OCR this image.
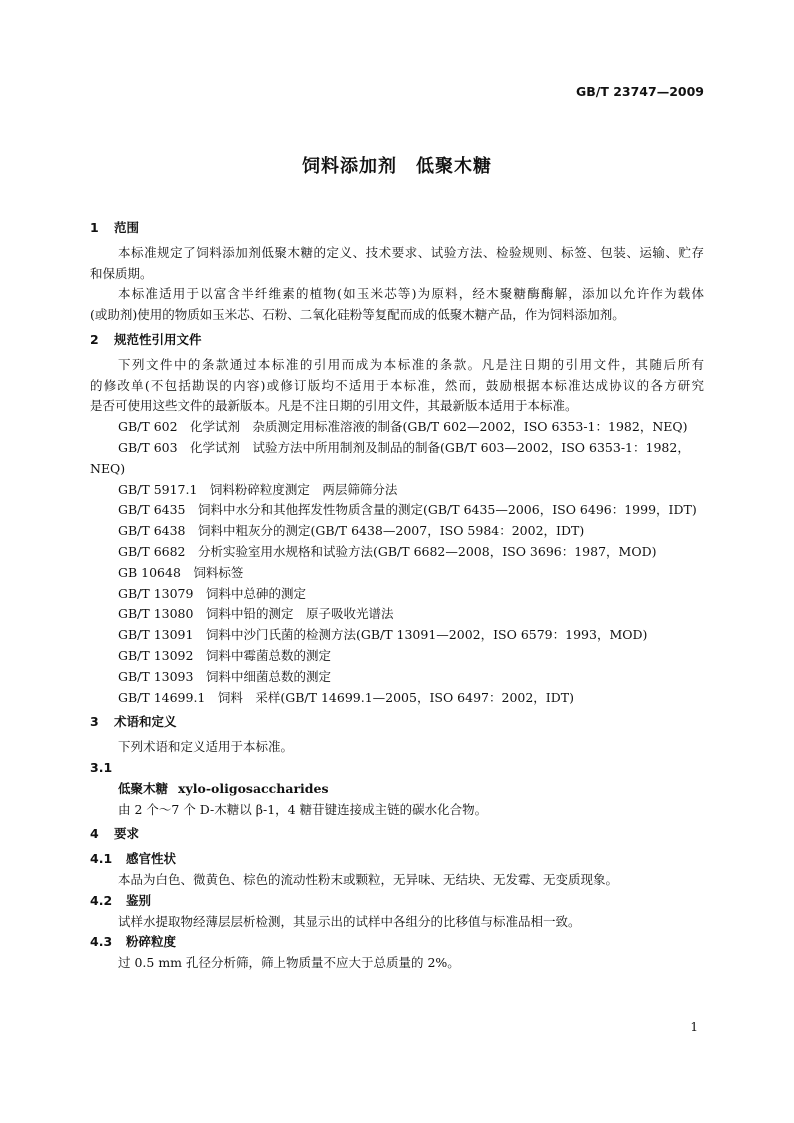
GB/T 23747—2009
饲料添加剂　低聚木糖
1 范围
本标准规定了饲料添加剂低聚木糖的定义、技术要求、试验方法、检验规则、标签、包装、运输、贮存
和保质期。
本标准适用于以富含半纤维素的植物(如玉米芯等)为原料，经木聚糖酶酶解，添加以允许作为载体
(或助剂)使用的物质如玉米芯、石粉、二氧化硅粉等复配而成的低聚木糖产品，作为饲料添加剂。
2 规范性引用文件
下列文件中的条款通过本标准的引用而成为本标准的条款。凡是注日期的引用文件，其随后所有
的修改单(不包括勘误的内容)或修订版均不适用于本标准，然而，鼓励根据本标准达成协议的各方研究
是否可使用这些文件的最新版本。凡是不注日期的引用文件，其最新版本适用于本标准。
GB/T 602　化学试剂　杂质测定用标准溶液的制备(GB/T 602—2002，ISO 6353-1：1982，NEQ)
GB/T 603　化学试剂　试验方法中所用制剂及制品的制备(GB/T 603—2002，ISO 6353-1：1982，
NEQ)
GB/T 5917.1　饲料粉碎粒度测定　两层筛筛分法
GB/T 6435　饲料中水分和其他挥发性物质含量的测定(GB/T 6435—2006，ISO 6496：1999，IDT)
GB/T 6438　饲料中粗灰分的测定(GB/T 6438—2007，ISO 5984：2002，IDT)
GB/T 6682　分析实验室用水规格和试验方法(GB/T 6682—2008，ISO 3696：1987，MOD)
GB 10648　饲料标签
GB/T 13079　饲料中总砷的测定
GB/T 13080　饲料中铅的测定　原子吸收光谱法
GB/T 13091　饲料中沙门氏菌的检测方法(GB/T 13091—2002，ISO 6579：1993，MOD)
GB/T 13092　饲料中霉菌总数的测定
GB/T 13093　饲料中细菌总数的测定
GB/T 14699.1　饲料　采样(GB/T 14699.1—2005，ISO 6497：2002，IDT)
3 术语和定义
下列术语和定义适用于本标准。
3.1
低聚木糖 xylo-oligosaccharides
由 2 个～7 个 D-木糖以 β-1，4 糖苷键连接成主链的碳水化合物。
4 要求
4.1 感官性状
本品为白色、微黄色、棕色的流动性粉末或颗粒，无异味、无结块、无发霉、无变质现象。
4.2 鉴别
试样水提取物经薄层层析检测，其显示出的试样中各组分的比移值与标准品相一致。
4.3 粉碎粒度
过 0.5 mm 孔径分析筛，筛上物质量不应大于总质量的 2%。
1
